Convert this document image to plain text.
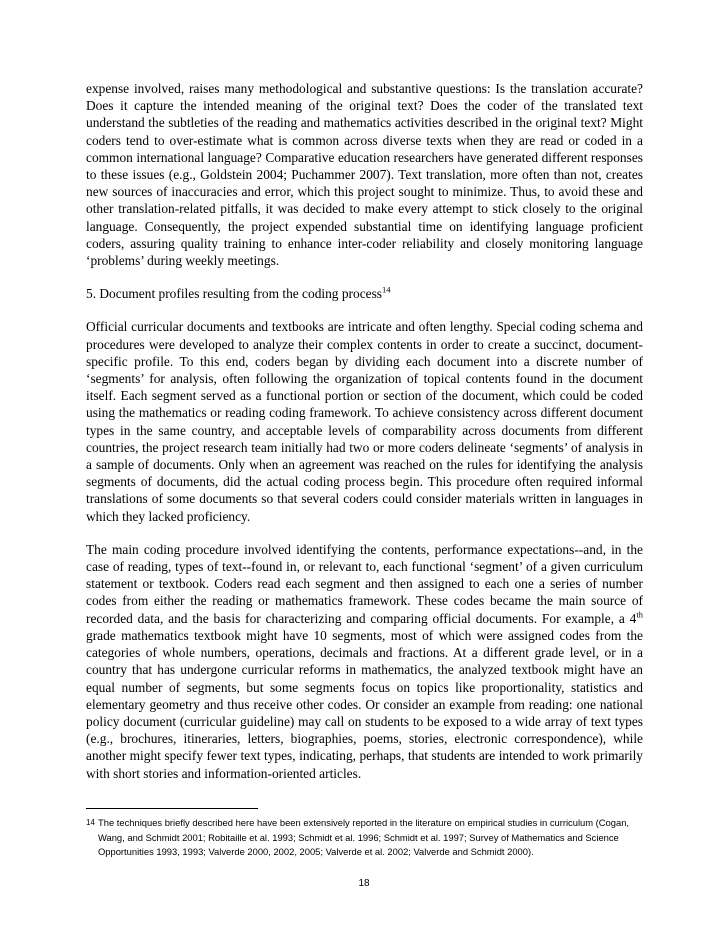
expense involved, raises many methodological and substantive questions: Is the translation accurate? Does it capture the intended meaning of the original text? Does the coder of the translated text understand the subtleties of the reading and mathematics activities described in the original text? Might coders tend to over-estimate what is common across diverse texts when they are read or coded in a common international language? Comparative education researchers have generated different responses to these issues (e.g., Goldstein 2004; Puchammer 2007). Text translation, more often than not, creates new sources of inaccuracies and error, which this project sought to minimize. Thus, to avoid these and other translation-related pitfalls, it was decided to make every attempt to stick closely to the original language. Consequently, the project expended substantial time on identifying language proficient coders, assuring quality training to enhance inter-coder reliability and closely monitoring language ‘problems’ during weekly meetings.

5. Document profiles resulting from the coding process$^{14}$

Official curricular documents and textbooks are intricate and often lengthy. Special coding schema and procedures were developed to analyze their complex contents in order to create a succinct, document-specific profile. To this end, coders began by dividing each document into a discrete number of ‘segments’ for analysis, often following the organization of topical contents found in the document itself. Each segment served as a functional portion or section of the document, which could be coded using the mathematics or reading coding framework. To achieve consistency across different document types in the same country, and acceptable levels of comparability across documents from different countries, the project research team initially had two or more coders delineate ‘segments’ of analysis in a sample of documents. Only when an agreement was reached on the rules for identifying the analysis segments of documents, did the actual coding process begin. This procedure often required informal translations of some documents so that several coders could consider materials written in languages in which they lacked proficiency.

The main coding procedure involved identifying the contents, performance expectations--and, in the case of reading, types of text--found in, or relevant to, each functional ‘segment’ of a given curriculum statement or textbook. Coders read each segment and then assigned to each one a series of number codes from either the reading or mathematics framework. These codes became the main source of recorded data, and the basis for characterizing and comparing official documents. For example, a 4th grade mathematics textbook might have 10 segments, most of which were assigned codes from the categories of whole numbers, operations, decimals and fractions. At a different grade level, or in a country that has undergone curricular reforms in mathematics, the analyzed textbook might have an equal number of segments, but some segments focus on topics like proportionality, statistics and elementary geometry and thus receive other codes. Or consider an example from reading: one national policy document (curricular guideline) may call on students to be exposed to a wide array of text types (e.g., brochures, itineraries, letters, biographies, poems, stories, electronic correspondence), while another might specify fewer text types, indicating, perhaps, that students are intended to work primarily with short stories and information-oriented articles.

14 The techniques briefly described here have been extensively reported in the literature on empirical studies in curriculum (Cogan, Wang, and Schmidt 2001; Robitaille et al. 1993; Schmidt et al. 1996; Schmidt et al. 1997; Survey of Mathematics and Science Opportunities 1993, 1993; Valverde 2000, 2002, 2005; Valverde et al. 2002; Valverde and Schmidt 2000).
18
